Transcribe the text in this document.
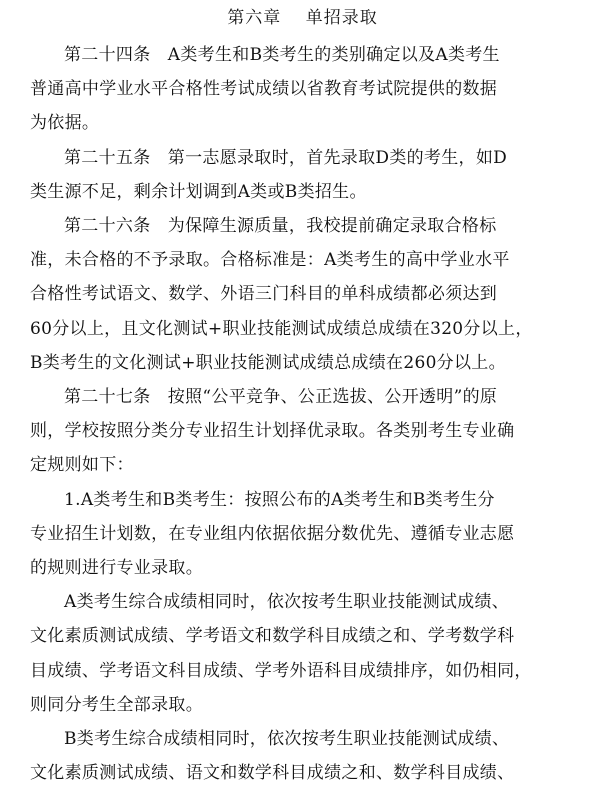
第六章　 单招录取

第二十四条　A类考生和B类考生的类别确定以及A类考生
普通高中学业水平合格性考试成绩以省教育考试院提供的数据
为依据。

第二十五条　第一志愿录取时，首先录取D类的考生，如D
类生源不足，剩余计划调到A类或B类招生。

第二十六条　为保障生源质量，我校提前确定录取合格标
准，未合格的不予录取。合格标准是：A类考生的高中学业水平
合格性考试语文、数学、外语三门科目的单科成绩都必须达到
60分以上，且文化测试+职业技能测试成绩总成绩在320分以上，
B类考生的文化测试+职业技能测试成绩总成绩在260分以上。

第二十七条　按照“公平竞争、公正选拔、公开透明”的原
则，学校按照分类分专业招生计划择优录取。各类别考生专业确
定规则如下：

1.A类考生和B类考生：按照公布的A类考生和B类考生分
专业招生计划数，在专业组内依据依据分数优先、遵循专业志愿
的规则进行专业录取。

A类考生综合成绩相同时，依次按考生职业技能测试成绩、
文化素质测试成绩、学考语文和数学科目成绩之和、学考数学科
目成绩、学考语文科目成绩、学考外语科目成绩排序，如仍相同，
则同分考生全部录取。

B类考生综合成绩相同时，依次按考生职业技能测试成绩、
文化素质测试成绩、语文和数学科目成绩之和、数学科目成绩、
